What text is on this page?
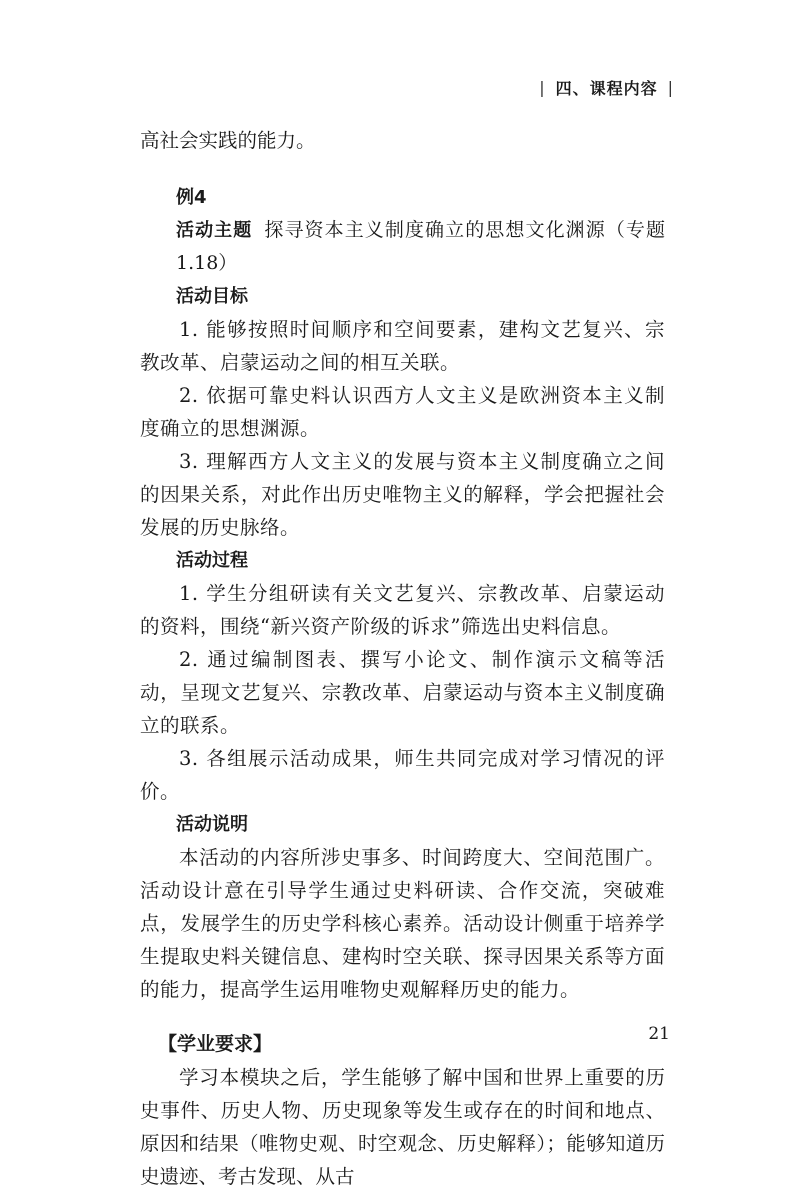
| 四、课程内容 |

高社会实践的能力。

例4

活动主题 探寻资本主义制度确立的思想文化渊源（专题1.18）

活动目标

1. 能够按照时间顺序和空间要素，建构文艺复兴、宗教改革、启蒙运动之间的相互关联。

2. 依据可靠史料认识西方人文主义是欧洲资本主义制度确立的思想渊源。

3. 理解西方人文主义的发展与资本主义制度确立之间的因果关系，对此作出历史唯物主义的解释，学会把握社会发展的历史脉络。

活动过程

1. 学生分组研读有关文艺复兴、宗教改革、启蒙运动的资料，围绕“新兴资产阶级的诉求”筛选出史料信息。

2. 通过编制图表、撰写小论文、制作演示文稿等活动，呈现文艺复兴、宗教改革、启蒙运动与资本主义制度确立的联系。

3. 各组展示活动成果，师生共同完成对学习情况的评价。

活动说明

本活动的内容所涉史事多、时间跨度大、空间范围广。活动设计意在引导学生通过史料研读、合作交流，突破难点，发展学生的历史学科核心素养。活动设计侧重于培养学生提取史料关键信息、建构时空关联、探寻因果关系等方面的能力，提高学生运用唯物史观解释历史的能力。

【学业要求】

学习本模块之后，学生能够了解中国和世界上重要的历史事件、历史人物、历史现象等发生或存在的时间和地点、原因和结果（唯物史观、时空观念、历史解释）；能够知道历史遗迹、考古发现、从古

21
